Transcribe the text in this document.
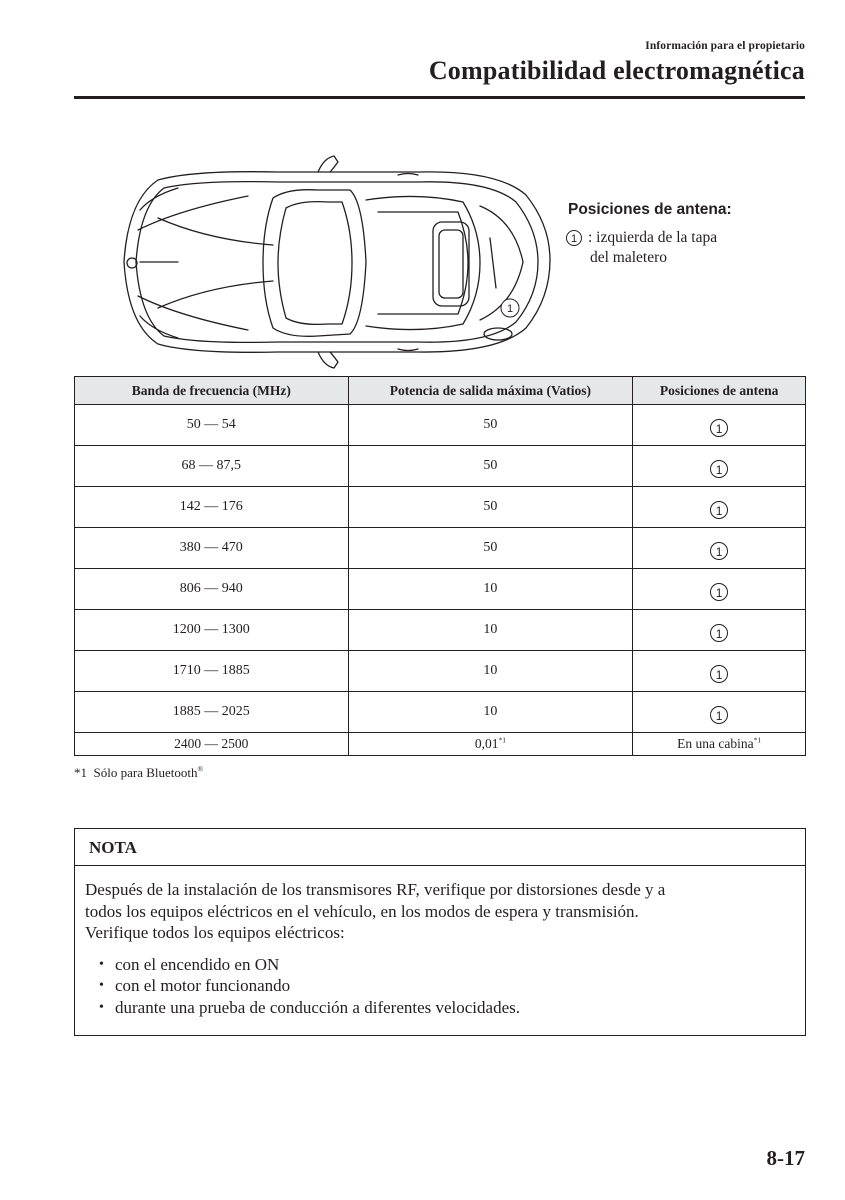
Información para el propietario
Compatibilidad electromagnética
1
Posiciones de antena:
1 : izquierda de la tapa
del maletero
Banda de frecuencia (MHz)	Potencia de salida máxima (Vatios)	Posiciones de antena
50 — 54	50	1
68 — 87,5	50	1
142 — 176	50	1
380 — 470	50	1
806 — 940	10	1
1200 — 1300	10	1
1710 — 1885	10	1
1885 — 2025	10	1
2400 — 2500	0,01$^{*1}$	En una cabina$^{*1}$
*1 Sólo para Bluetooth®
NOTA

Después de la instalación de los transmisores RF, verifique por distorsiones desde y a

todos los equipos eléctricos en el vehículo, en los modos de espera y transmisión.

Verifique todos los equipos eléctricos:

• con el encendido en ON
• con el motor funcionando
• durante una prueba de conducción a diferentes velocidades.
8-17
